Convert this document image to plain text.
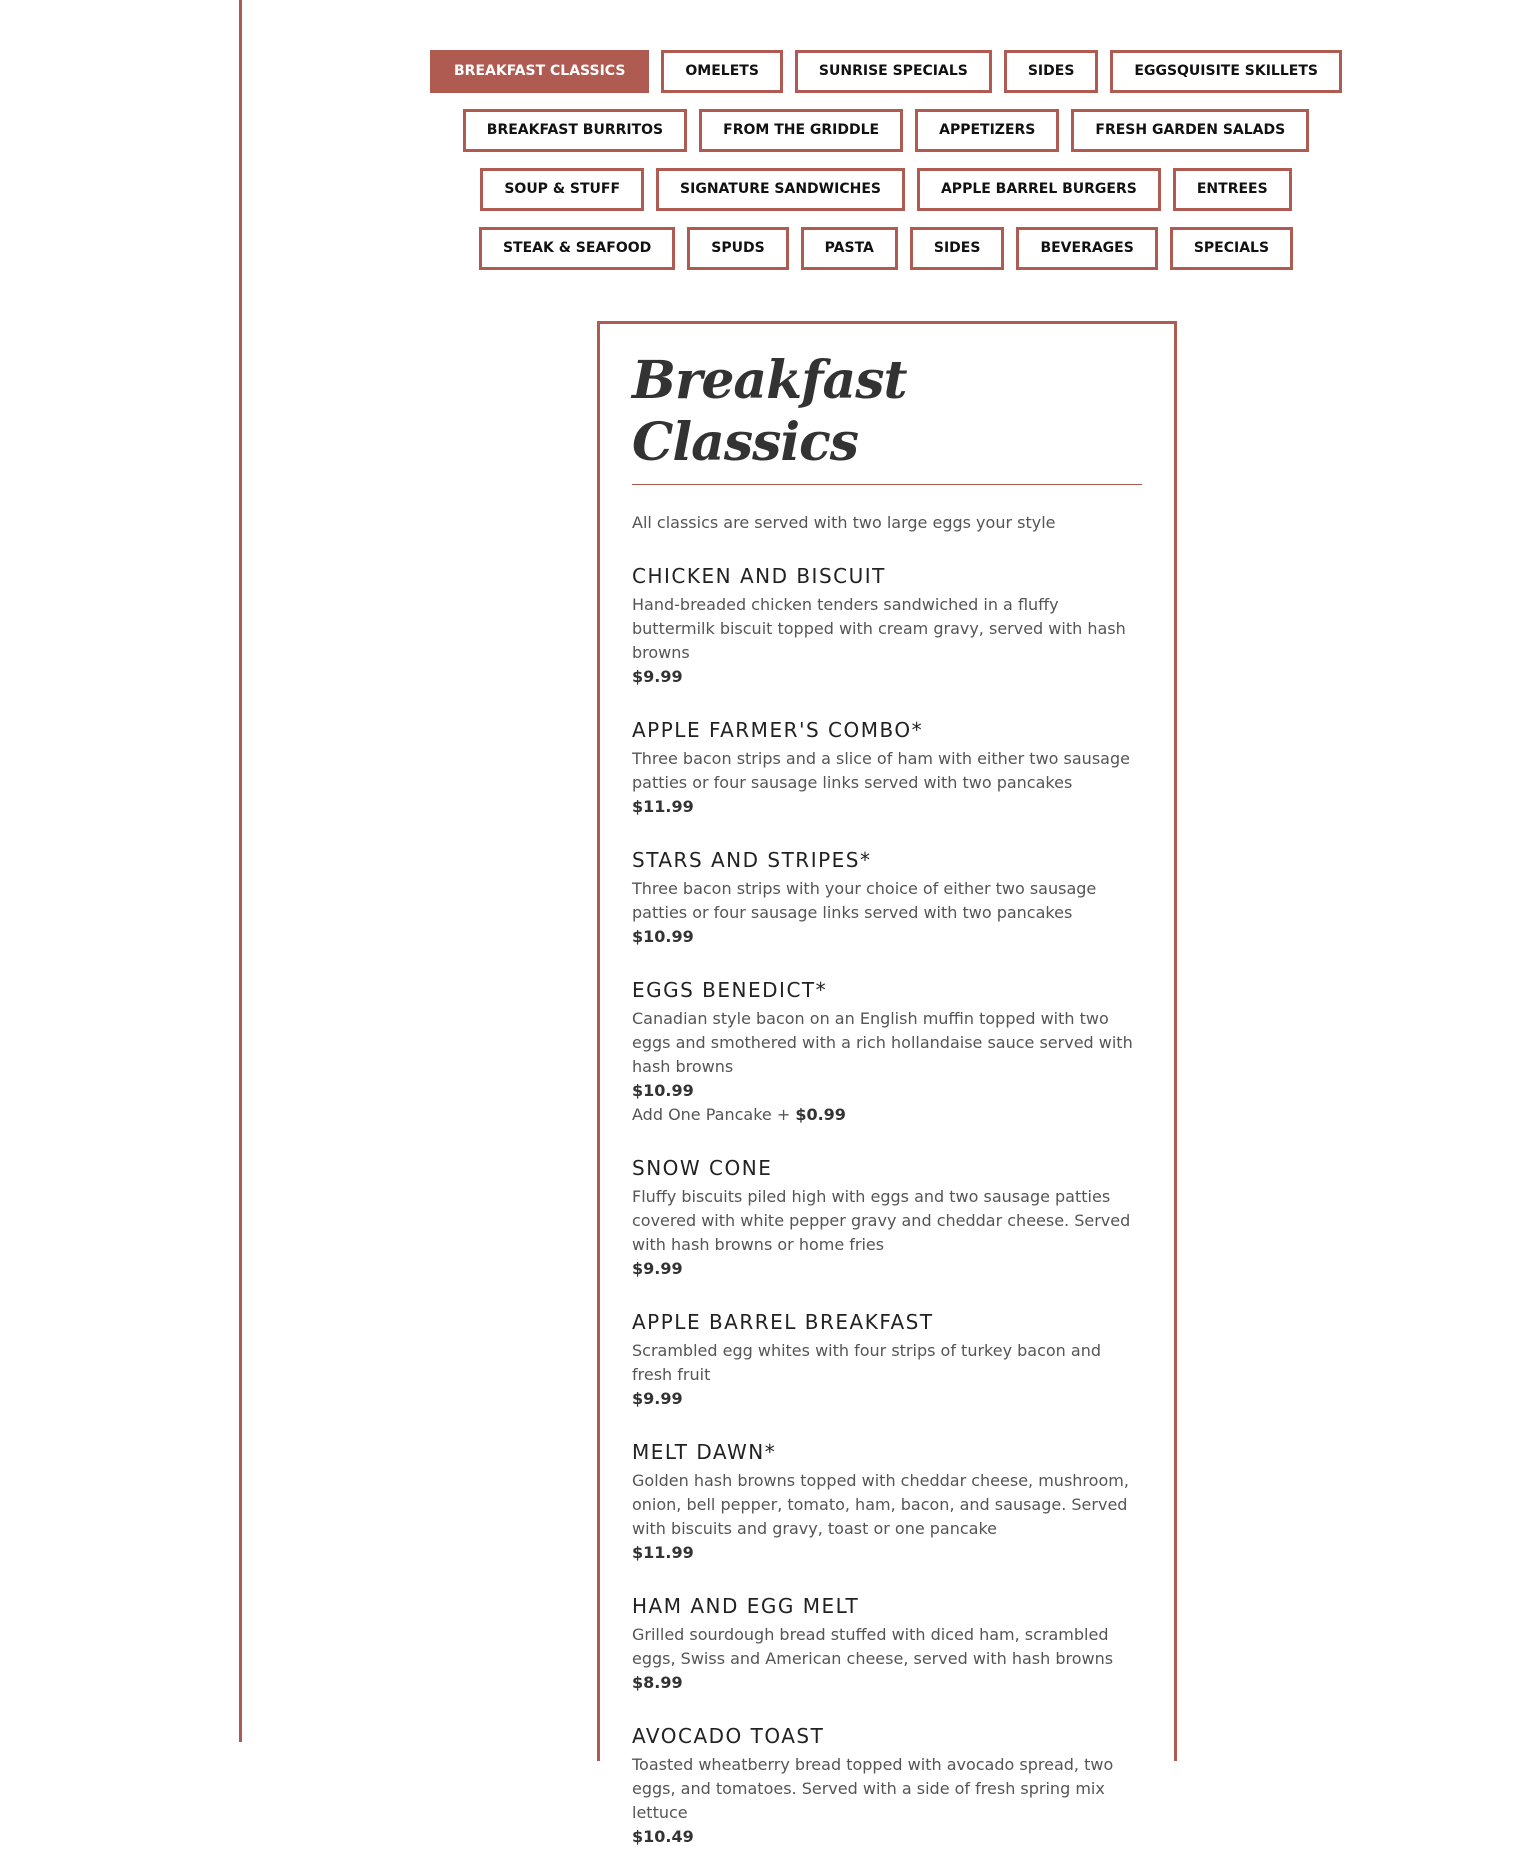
BREAKFAST CLASSICS	OMELETS	SUNRISE SPECIALS	SIDES	EGGSQUISITE SKILLETS
BREAKFAST BURRITOS	FROM THE GRIDDLE	APPETIZERS	FRESH GARDEN SALADS
SOUP & STUFF	SIGNATURE SANDWICHES	APPLE BARREL BURGERS	ENTREES
STEAK & SEAFOOD	SPUDS	PASTA	SIDES	BEVERAGES	SPECIALS
Breakfast Classics

All classics are served with two large eggs your style

CHICKEN AND BISCUIT

Hand-breaded chicken tenders sandwiched in a fluffy buttermilk biscuit topped with cream gravy, served with hash browns

$9.99
APPLE FARMER'S COMBO*

Three bacon strips and a slice of ham with either two sausage patties or four sausage links served with two pancakes

$11.99
STARS AND STRIPES*

Three bacon strips with your choice of either two sausage patties or four sausage links served with two pancakes

$10.99
EGGS BENEDICT*

Canadian style bacon on an English muffin topped with two eggs and smothered with a rich hollandaise sauce served with hash browns

$10.99
Add One Pancake + $0.99
SNOW CONE

Fluffy biscuits piled high with eggs and two sausage patties covered with white pepper gravy and cheddar cheese. Served with hash browns or home fries

$9.99
APPLE BARREL BREAKFAST

Scrambled egg whites with four strips of turkey bacon and fresh fruit

$9.99
MELT DAWN*

Golden hash browns topped with cheddar cheese, mushroom, onion, bell pepper, tomato, ham, bacon, and sausage. Served with biscuits and gravy, toast or one pancake

$11.99
HAM AND EGG MELT

Grilled sourdough bread stuffed with diced ham, scrambled eggs, Swiss and American cheese, served with hash browns

$8.99
AVOCADO TOAST

Toasted wheatberry bread topped with avocado spread, two eggs, and tomatoes. Served with a side of fresh spring mix lettuce

$10.49
